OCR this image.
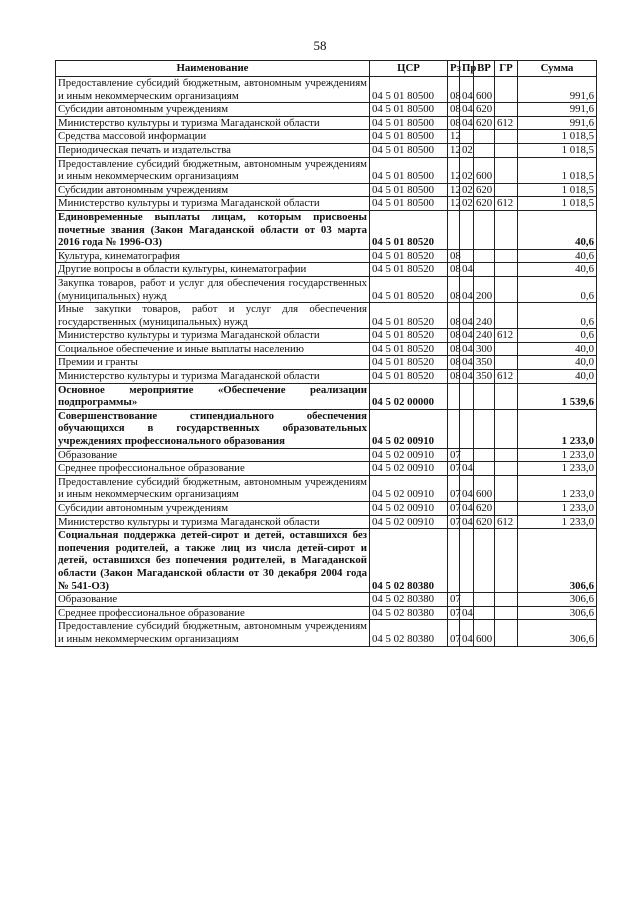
58
Наименование	ЦСР	Рз	Пр	ВР	ГР	Сумма
Предоставление субсидий бюджетным, автономным учреждениям и иным некоммерческим организациям	04 5 01 80500	08	04	600		991,6
Субсидии автономным учреждениям	04 5 01 80500	08	04	620		991,6
Министерство культуры и туризма Магаданской области	04 5 01 80500	08	04	620	612	991,6
Средства массовой информации	04 5 01 80500	12				1 018,5
Периодическая печать и издательства	04 5 01 80500	12	02			1 018,5
Предоставление субсидий бюджетным, автономным учреждениям и иным некоммерческим организациям	04 5 01 80500	12	02	600		1 018,5
Субсидии автономным учреждениям	04 5 01 80500	12	02	620		1 018,5
Министерство культуры и туризма Магаданской области	04 5 01 80500	12	02	620	612	1 018,5
Единовременные выплаты лицам, которым присвоены почетные звания (Закон Магаданской области от 03 марта 2016 года № 1996-ОЗ)	04 5 01 80520					40,6
Культура, кинематография	04 5 01 80520	08				40,6
Другие вопросы в области культуры, кинематографии	04 5 01 80520	08	04			40,6
Закупка товаров, работ и услуг для обеспечения государственных (муниципальных) нужд	04 5 01 80520	08	04	200		0,6
Иные закупки товаров, работ и услуг для обеспечения государственных (муниципальных) нужд	04 5 01 80520	08	04	240		0,6
Министерство культуры и туризма Магаданской области	04 5 01 80520	08	04	240	612	0,6
Социальное обеспечение и иные выплаты населению	04 5 01 80520	08	04	300		40,0
Премии и гранты	04 5 01 80520	08	04	350		40,0
Министерство культуры и туризма Магаданской области	04 5 01 80520	08	04	350	612	40,0
Основное мероприятие «Обеспечение реализации подпрограммы»	04 5 02 00000					1 539,6
Совершенствование стипендиального обеспечения обучающихся в государственных образовательных учреждениях профессионального образования	04 5 02 00910					1 233,0
Образование	04 5 02 00910	07				1 233,0
Среднее профессиональное образование	04 5 02 00910	07	04			1 233,0
Предоставление субсидий бюджетным, автономным учреждениям и иным некоммерческим организациям	04 5 02 00910	07	04	600		1 233,0
Субсидии автономным учреждениям	04 5 02 00910	07	04	620		1 233,0
Министерство культуры и туризма Магаданской области	04 5 02 00910	07	04	620	612	1 233,0
Социальная поддержка детей-сирот и детей, оставшихся без попечения родителей, а также лиц из числа детей-сирот и детей, оставшихся без попечения родителей, в Магаданской области (Закон Магаданской области от 30 декабря 2004 года № 541-ОЗ)	04 5 02 80380					306,6
Образование	04 5 02 80380	07				306,6
Среднее профессиональное образование	04 5 02 80380	07	04			306,6
Предоставление субсидий бюджетным, автономным учреждениям и иным некоммерческим организациям	04 5 02 80380	07	04	600		306,6
